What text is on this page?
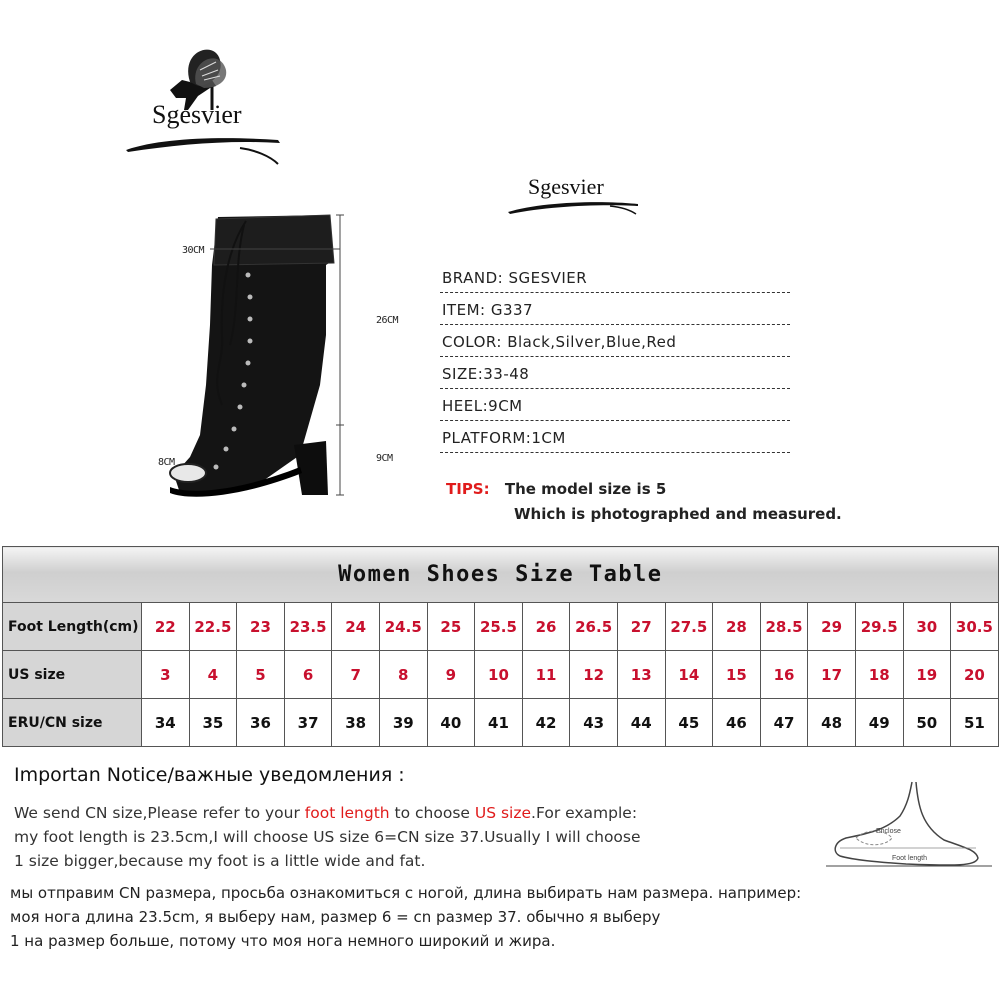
Sgesvier
Sgesvier
30CM
26CM
9CM
8CM
BRAND: SGESVIER
ITEM: G337
COLOR: Black,Silver,Blue,Red
SIZE:33-48
HEEL:9CM
PLATFORM:1CM
TIPS: The model size is 5
Which is photographed and measured.
Women Shoes Size Table																		
Foot Length(cm)	22	22.5	23	23.5	24	24.5	25	25.5	26	26.5	27	27.5	28	28.5	29	29.5	30	30.5
US size	3	4	5	6	7	8	9	10	11	12	13	14	15	16	17	18	19	20
ERU/CN size	34	35	36	37	38	39	40	41	42	43	44	45	46	47	48	49	50	51
Importan Notice/важные уведомления :
We send CN size,Please refer to your foot length to choose US size.For example:
my foot length is 23.5cm,I will choose US size 6=CN size 37.Usually I will choose
1 size bigger,because my foot is a little wide and fat.
мы отправим CN размера, просьба ознакомиться с ногой, длина выбирать нам размера. например:
моя нога длина 23.5cm, я выберу нам, размер 6 = cn размер 37. обычно я выберу
1 на размер больше, потому что моя нога немного широкий и жира.
Enclose
Foot length
